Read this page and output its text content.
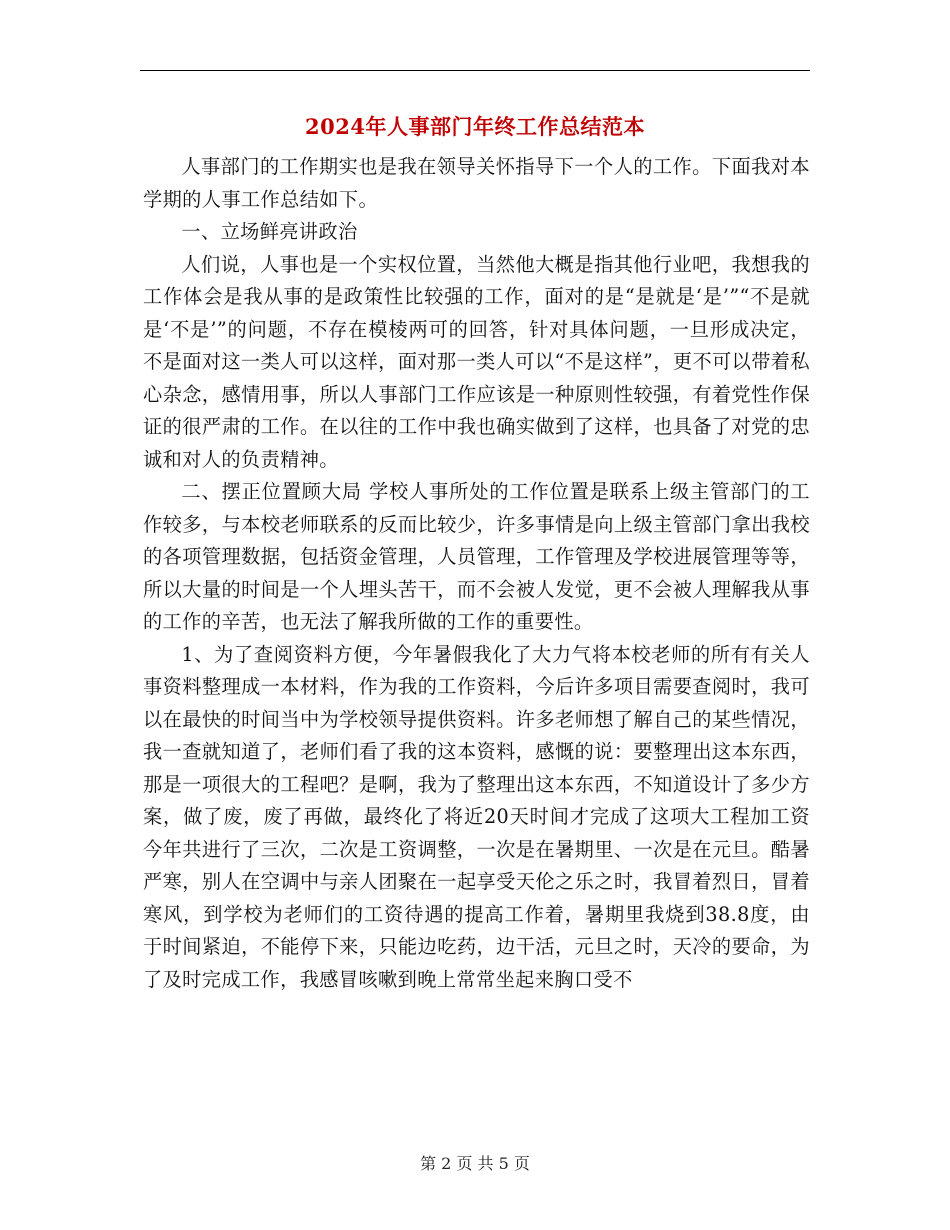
2024年人事部门年终工作总结范本

人事部门的工作期实也是我在领导关怀指导下一个人的工作。下面我对本学期的人事工作总结如下。

一、立场鲜亮讲政治

人们说，人事也是一个实权位置，当然他大概是指其他行业吧，我想我的工作体会是我从事的是政策性比较强的工作，面对的是“是就是‘是’”“不是就是‘不是’”的问题，不存在模棱两可的回答，针对具体问题，一旦形成决定，不是面对这一类人可以这样，面对那一类人可以“不是这样”，更不可以带着私心杂念，感情用事，所以人事部门工作应该是一种原则性较强，有着党性作保证的很严肃的工作。在以往的工作中我也确实做到了这样，也具备了对党的忠诚和对人的负责精神。

二、摆正位置顾大局 学校人事所处的工作位置是联系上级主管部门的工作较多，与本校老师联系的反而比较少，许多事情是向上级主管部门拿出我校的各项管理数据，包括资金管理，人员管理，工作管理及学校进展管理等等，所以大量的时间是一个人埋头苦干，而不会被人发觉，更不会被人理解我从事的工作的辛苦，也无法了解我所做的工作的重要性。

1、为了查阅资料方便，今年暑假我化了大力气将本校老师的所有有关人事资料整理成一本材料，作为我的工作资料，今后许多项目需要查阅时，我可以在最快的时间当中为学校领导提供资料。许多老师想了解自己的某些情况，我一查就知道了，老师们看了我的这本资料，感慨的说：要整理出这本东西，那是一项很大的工程吧？是啊，我为了整理出这本东西，不知道设计了多少方案，做了废，废了再做，最终化了将近20天时间才完成了这项大工程加工资今年共进行了三次，二次是工资调整，一次是在暑期里、一次是在元旦。酷暑严寒，别人在空调中与亲人团聚在一起享受天伦之乐之时，我冒着烈日，冒着寒风，到学校为老师们的工资待遇的提高工作着，暑期里我烧到38.8度，由于时间紧迫，不能停下来，只能边吃药，边干活，元旦之时，天冷的要命，为了及时完成工作，我感冒咳嗽到晚上常常坐起来胸口受不

第 2 页 共 5 页
